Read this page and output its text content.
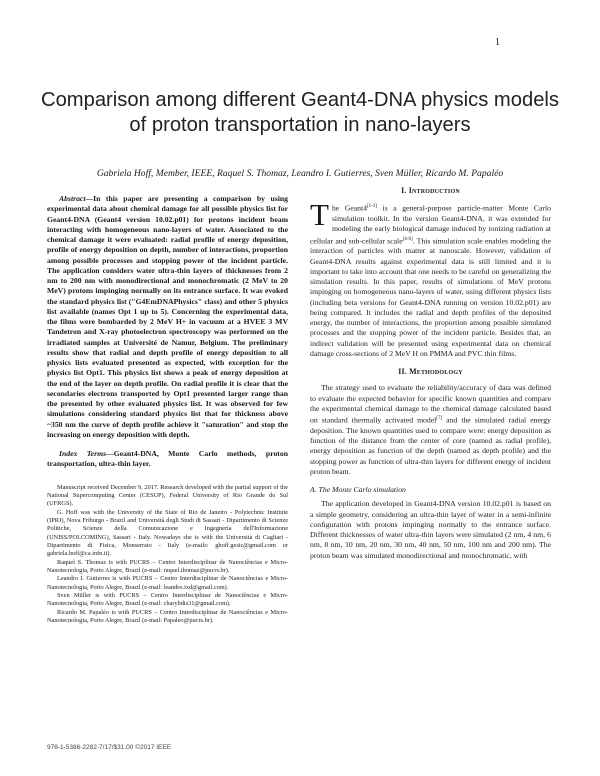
1
Comparison among different Geant4-DNA physics models of proton transportation in nano-layers
Gabriela Hoff, Member, IEEE, Raquel S. Thomaz, Leandro I. Gutierres, Sven Müller, Ricardo M. Papaléo

Abstract—In this paper are presenting a comparison by using experimental data about chemical damage for all possible physics list for Geant4-DNA (Geant4 version 10.02.p01) for protons incident beam interacting with homogeneous nano-layers of water. Associated to the chemical damage it were evaluated: radial profile of energy deposition, profile of energy deposition on depth, number of interactions, proportion among possible processes and stopping power of the incident particle. The application considers water ultra-thin layers of thicknesses from 2 nm to 200 nm with monodirectional and monochromatic (2 MeV to 20 MeV) protons impinging normally on its entrance surface. It was evoked the standard physics list ("G4EmDNAPhysics" class) and other 5 physics list available (names Opt 1 up to 5). Concerning the experimental data, the films were bombarded by 2 MeV H+ in vacuum at a HVEE 3 MV Tandetron and X-ray photoelectron spectroscopy was performed on the irradiated samples at Université de Namur, Belgium. The preliminary results show that radial and depth profile of energy deposition to all physics lists evaluated presented as expected, with exception for the physics list Opt1. This physics list shows a peak of energy deposition at the end of the layer on depth profile. On radial profile it is clear that the secondaries electrons transported by Opt1 presented larger range than the presented by other evaluated physics list. It was observed for few simulations considering standard physics list that for thickness above ~350 nm the curve of depth profile achieve it "saturation" and stop the increasing on energy deposition with depth.

Index Terms—Geant4-DNA, Monte Carlo methods, proton transportation, ultra-thin layer.

Manuscript received December 9, 2017. Research developed with the partial support of the National Supercomputing Center (CESUP), Federal University of Rio Grande do Sul (UFRGS).

G. Hoff was with the University of the State of Rio de Janeiro - Polytechnic Institute (IPRJ), Nova Friburgo - Brazil and Università degli Studi di Sassari - Dipartimento di Scienze Politiche, Scienze della Comunicazione e Ingegneria dell'Informazione (UNISS/POLCOMING), Sassari - Italy. Nowadays she is with the Università di Cagliari - Dipartimento di Fisica, Monserrato - Italy (e-mails: ghoff.gesic@gmail.com or gabriela.hoff@ca.infn.it).

Raquel S. Thomaz is with PUCRS – Centro Interdisciplinar de Nanociências e Micro-Nanotecnologia, Porto Alegre, Brazil (e-mail: raquel.thomaz@pucrs.br).

Leandro I. Gutierres is with PUCRS – Centro Interdisciplinar de Nanociências e Micro-Nanotecnologia, Porto Alegre, Brazil (e-mail: leandro.ixd@gmail.com).

Sven Müller is with PUCRS – Centro Interdisciplinar de Nanociências e Micro-Nanotecnologia, Porto Alegre, Brazil (e-mail: charybdis31@gmail.com).

Ricardo M. Papaléo is with PUCRS – Centro Interdisciplinar de Nanociências e Micro-Nanotecnologia, Porto Alegre, Brazil (e-mail: Papaleo@pucrs.br).

I. Introduction

The Geant4[1-3] is a general-purpose particle-matter Monte Carlo simulation toolkit. In the version Geant4-DNA, it was extended for modeling the early biological damage induced by ionizing radiation at cellular and sub-cellular scale[4-6]. This simulation scale enables modeling the interaction of particles with matter at nanoscale. However, validation of Geant4-DNA results against experimental data is still limited and it is important to take into account that one needs to be careful on generalizing the simulation results. In this paper, results of simulations of MeV protons impinging on homogeneous nano-layers of water, using different physics lists (including beta versions for Geant4-DNA running on version 10.02.p01) are being compared. It includes the radial and depth profiles of the deposited energy, the number of interactions, the proportion among possible simulated processes and the stopping power of the incident particle. Besides that, an indirect validation will be presented using experimental data on chemical damage cross-sections of 2 MeV H on PMMA and PVC thin films.

II. Methodology

The strategy used to evaluate the reliability/accuracy of data was defined to evaluate the expected behavior for specific known quantities and compare the experimental chemical damage to the chemical damage calculated based on standard thermally activated model[7] and the simulated radial energy deposition. The known quantities used to compare were: energy deposition as function of the distance from the center of core (named as radial profile), energy deposition as function of the depth (named as depth profile) and the stopping power as function of ultra-thin layers for different energy of incident proton beam.

A. The Monte Carlo simulation

The application developed in Geant4-DNA version 10.02.p01 is based on a simple geometry, considering an ultra-thin layer of water in a semi-infinite configuration with protons impinging normally to the entrance surface. Different thicknesses of water ultra-thin layers were simulated (2 nm, 4 nm, 6 nm, 8 nm, 10 nm, 20 nm, 30 nm, 40 nm, 50 nm, 100 nm and 200 nm). The proton beam was simulated monodirectional and monochromatic, with

978-1-5386-2282-7/17/$31.00 ©2017 IEEE
